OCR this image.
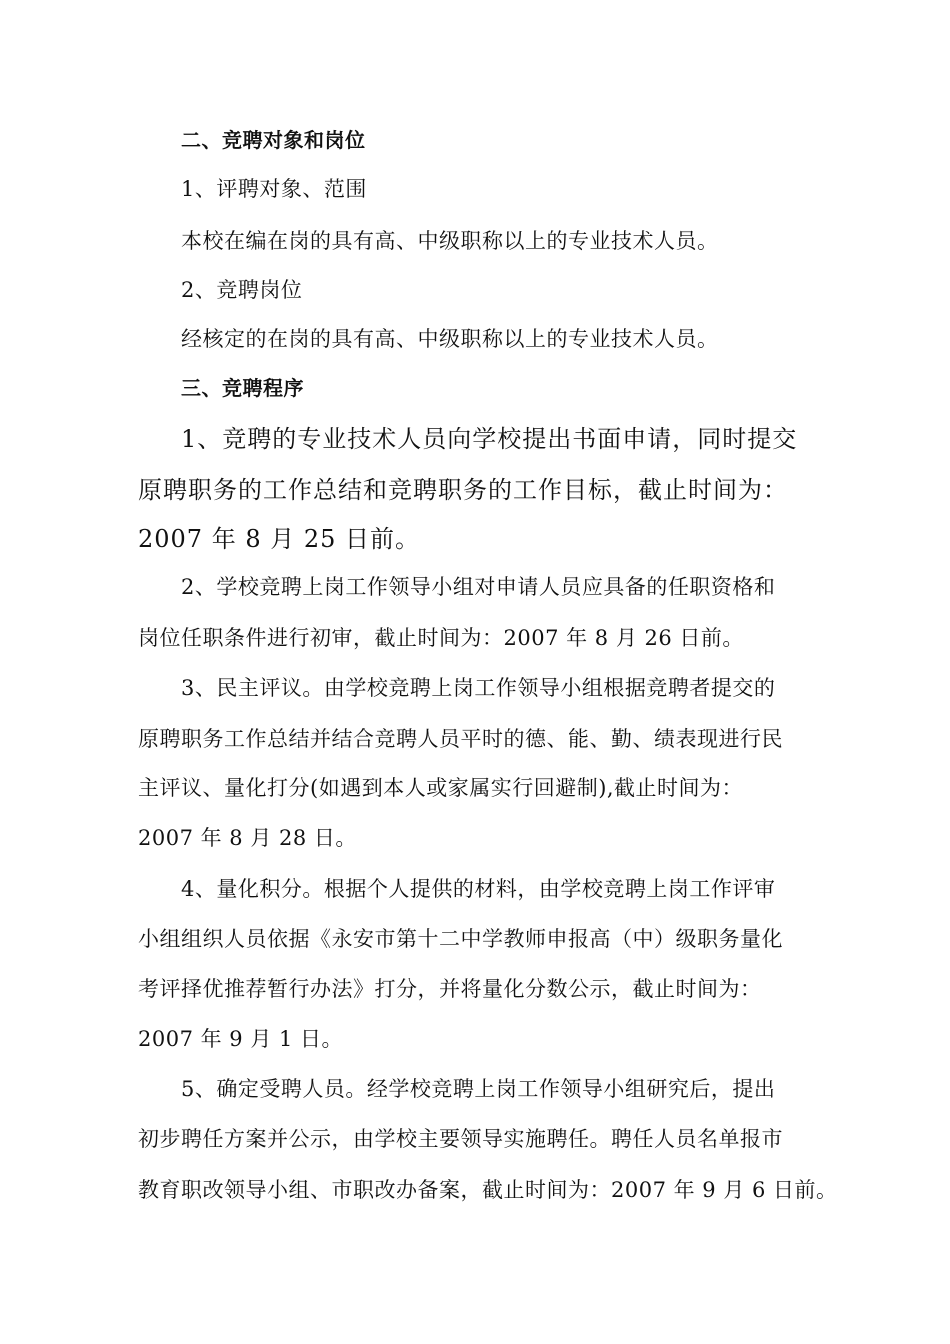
二、竞聘对象和岗位
1、评聘对象、范围
本校在编在岗的具有高、中级职称以上的专业技术人员。
2、竞聘岗位
经核定的在岗的具有高、中级职称以上的专业技术人员。
三、竞聘程序
1、竞聘的专业技术人员向学校提出书面申请，同时提交
原聘职务的工作总结和竞聘职务的工作目标，截止时间为：
2007 年 8 月 25 日前。
2、学校竞聘上岗工作领导小组对申请人员应具备的任职资格和
岗位任职条件进行初审，截止时间为：2007 年 8 月 26 日前。
3、民主评议。由学校竞聘上岗工作领导小组根据竞聘者提交的
原聘职务工作总结并结合竞聘人员平时的德、能、勤、绩表现进行民
主评议、量化打分(如遇到本人或家属实行回避制),截止时间为：
2007 年 8 月 28 日。
4、量化积分。根据个人提供的材料，由学校竞聘上岗工作评审
小组组织人员依据《永安市第十二中学教师申报高（中）级职务量化
考评择优推荐暂行办法》打分，并将量化分数公示，截止时间为：
2007 年 9 月 1 日。
5、确定受聘人员。经学校竞聘上岗工作领导小组研究后，提出
初步聘任方案并公示，由学校主要领导实施聘任。聘任人员名单报市
教育职改领导小组、市职改办备案，截止时间为：2007 年 9 月 6 日前。
